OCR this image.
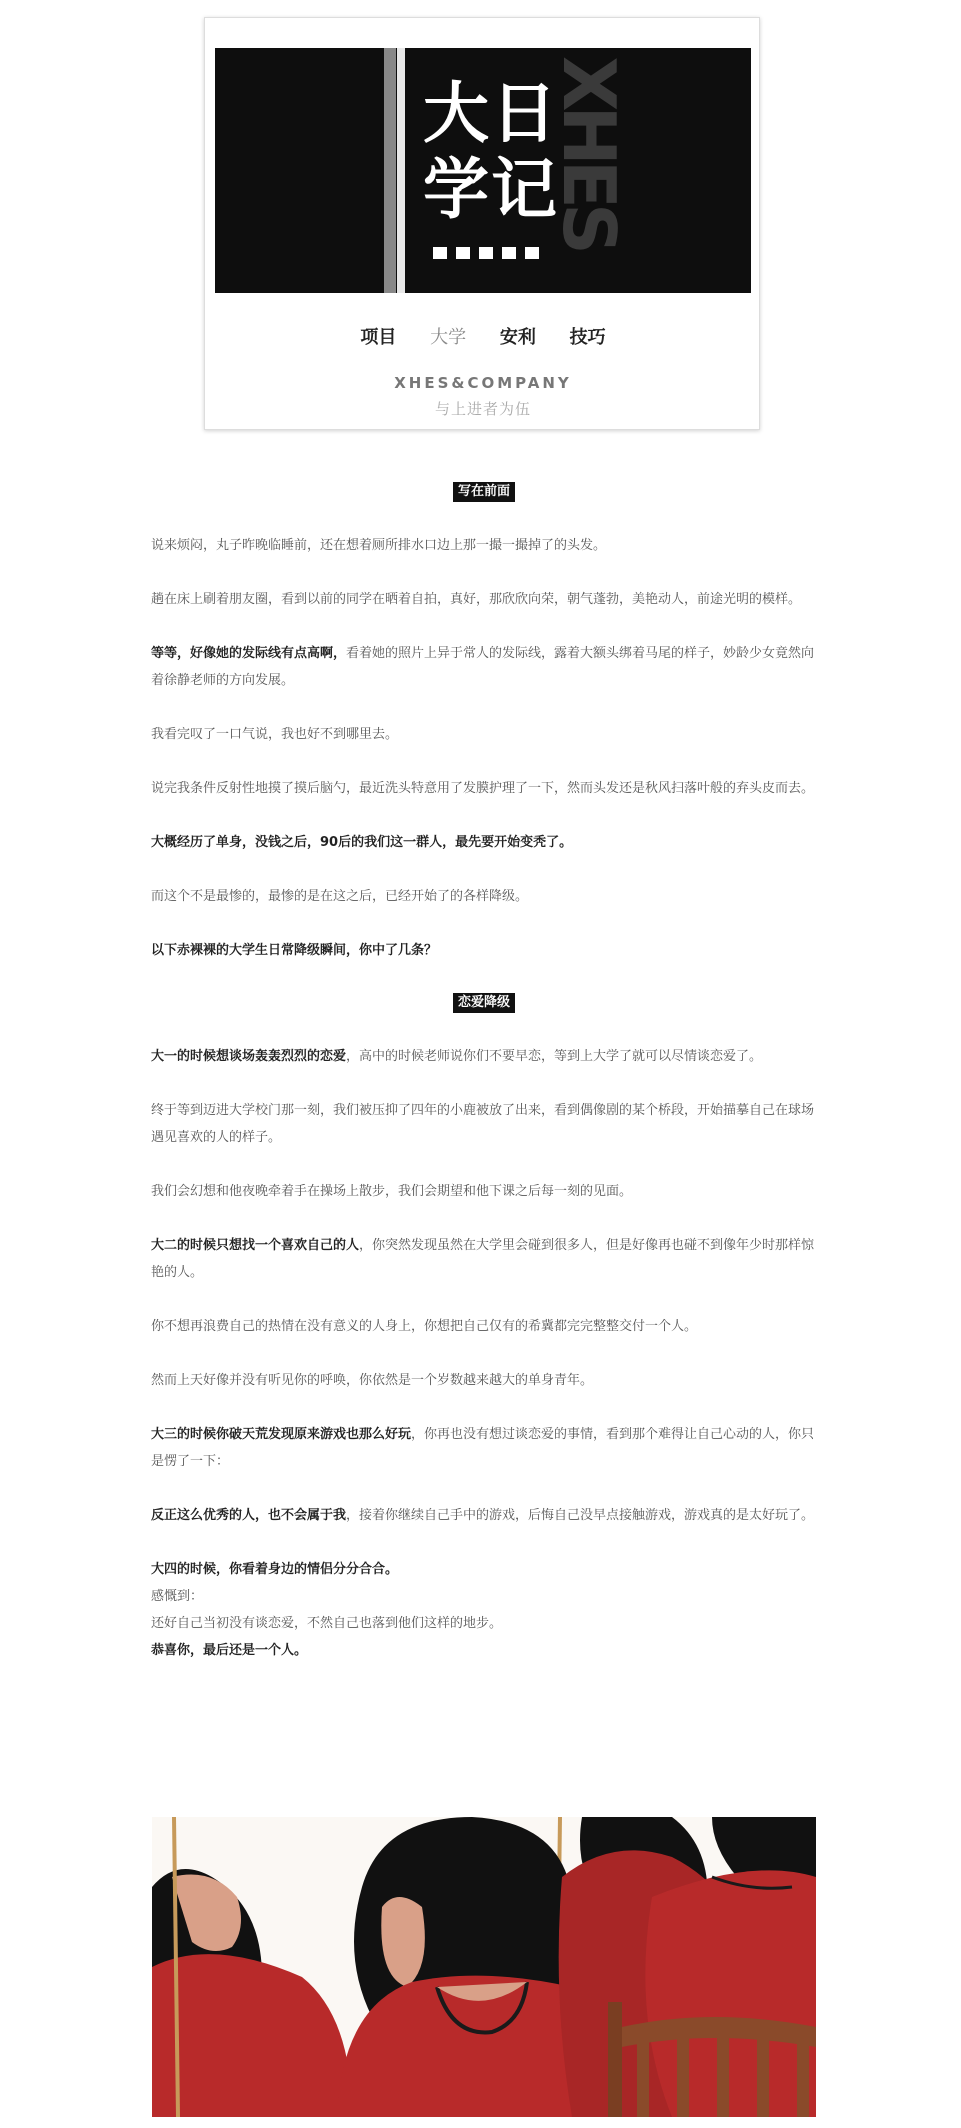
XHES
大日
学记
项目 大学 安利 技巧
XHES&COMPANY
与上进者为伍
写在前面

说来烦闷，丸子昨晚临睡前，还在想着厕所排水口边上那一撮一撮掉了的头发。

趟在床上刷着朋友圈，看到以前的同学在晒着自拍，真好，那欣欣向荣，朝气蓬勃，美艳动人，前途光明的模样。

等等，好像她的发际线有点高啊，看着她的照片上异于常人的发际线，露着大额头绑着马尾的样子，妙龄少女竟然向着徐静老师的方向发展。

我看完叹了一口气说，我也好不到哪里去。

说完我条件反射性地摸了摸后脑勺，最近洗头特意用了发膜护理了一下，然而头发还是秋风扫落叶般的弃头皮而去。

大概经历了单身，没钱之后，90后的我们这一群人，最先要开始变秃了。

而这个不是最惨的，最惨的是在这之后，已经开始了的各样降级。

以下赤裸裸的大学生日常降级瞬间，你中了几条？

恋爱降级

大一的时候想谈场轰轰烈烈的恋爱，高中的时候老师说你们不要早恋，等到上大学了就可以尽情谈恋爱了。

终于等到迈进大学校门那一刻，我们被压抑了四年的小鹿被放了出来，看到偶像剧的某个桥段，开始描摹自己在球场遇见喜欢的人的样子。

我们会幻想和他夜晚牵着手在操场上散步，我们会期望和他下课之后每一刻的见面。

大二的时候只想找一个喜欢自己的人，你突然发现虽然在大学里会碰到很多人，但是好像再也碰不到像年少时那样惊艳的人。

你不想再浪费自己的热情在没有意义的人身上，你想把自己仅有的希冀都完完整整交付一个人。

然而上天好像并没有听见你的呼唤，你依然是一个岁数越来越大的单身青年。

大三的时候你破天荒发现原来游戏也那么好玩，你再也没有想过谈恋爱的事情，看到那个难得让自己心动的人，你只是愣了一下：

反正这么优秀的人，也不会属于我，接着你继续自己手中的游戏，后悔自己没早点接触游戏，游戏真的是太好玩了。

大四的时候，你看着身边的情侣分分合合。

感慨到：

还好自己当初没有谈恋爱，不然自己也落到他们这样的地步。

恭喜你，最后还是一个人。
